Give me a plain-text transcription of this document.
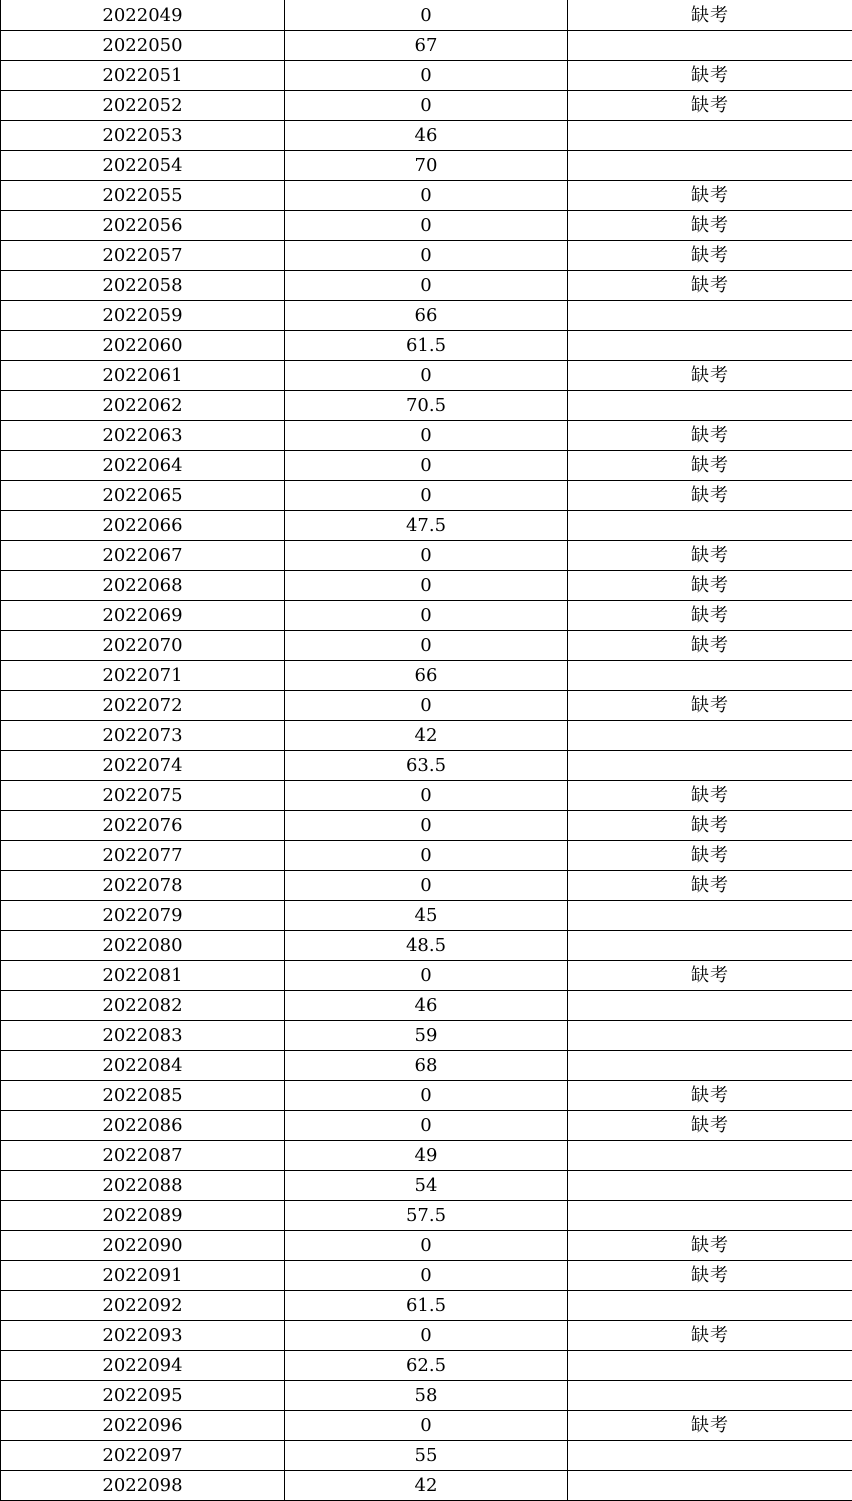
2022049	0	缺考
2022050	67	
2022051	0	缺考
2022052	0	缺考
2022053	46	
2022054	70	
2022055	0	缺考
2022056	0	缺考
2022057	0	缺考
2022058	0	缺考
2022059	66	
2022060	61.5	
2022061	0	缺考
2022062	70.5	
2022063	0	缺考
2022064	0	缺考
2022065	0	缺考
2022066	47.5	
2022067	0	缺考
2022068	0	缺考
2022069	0	缺考
2022070	0	缺考
2022071	66	
2022072	0	缺考
2022073	42	
2022074	63.5	
2022075	0	缺考
2022076	0	缺考
2022077	0	缺考
2022078	0	缺考
2022079	45	
2022080	48.5	
2022081	0	缺考
2022082	46	
2022083	59	
2022084	68	
2022085	0	缺考
2022086	0	缺考
2022087	49	
2022088	54	
2022089	57.5	
2022090	0	缺考
2022091	0	缺考
2022092	61.5	
2022093	0	缺考
2022094	62.5	
2022095	58	
2022096	0	缺考
2022097	55	
2022098	42	
